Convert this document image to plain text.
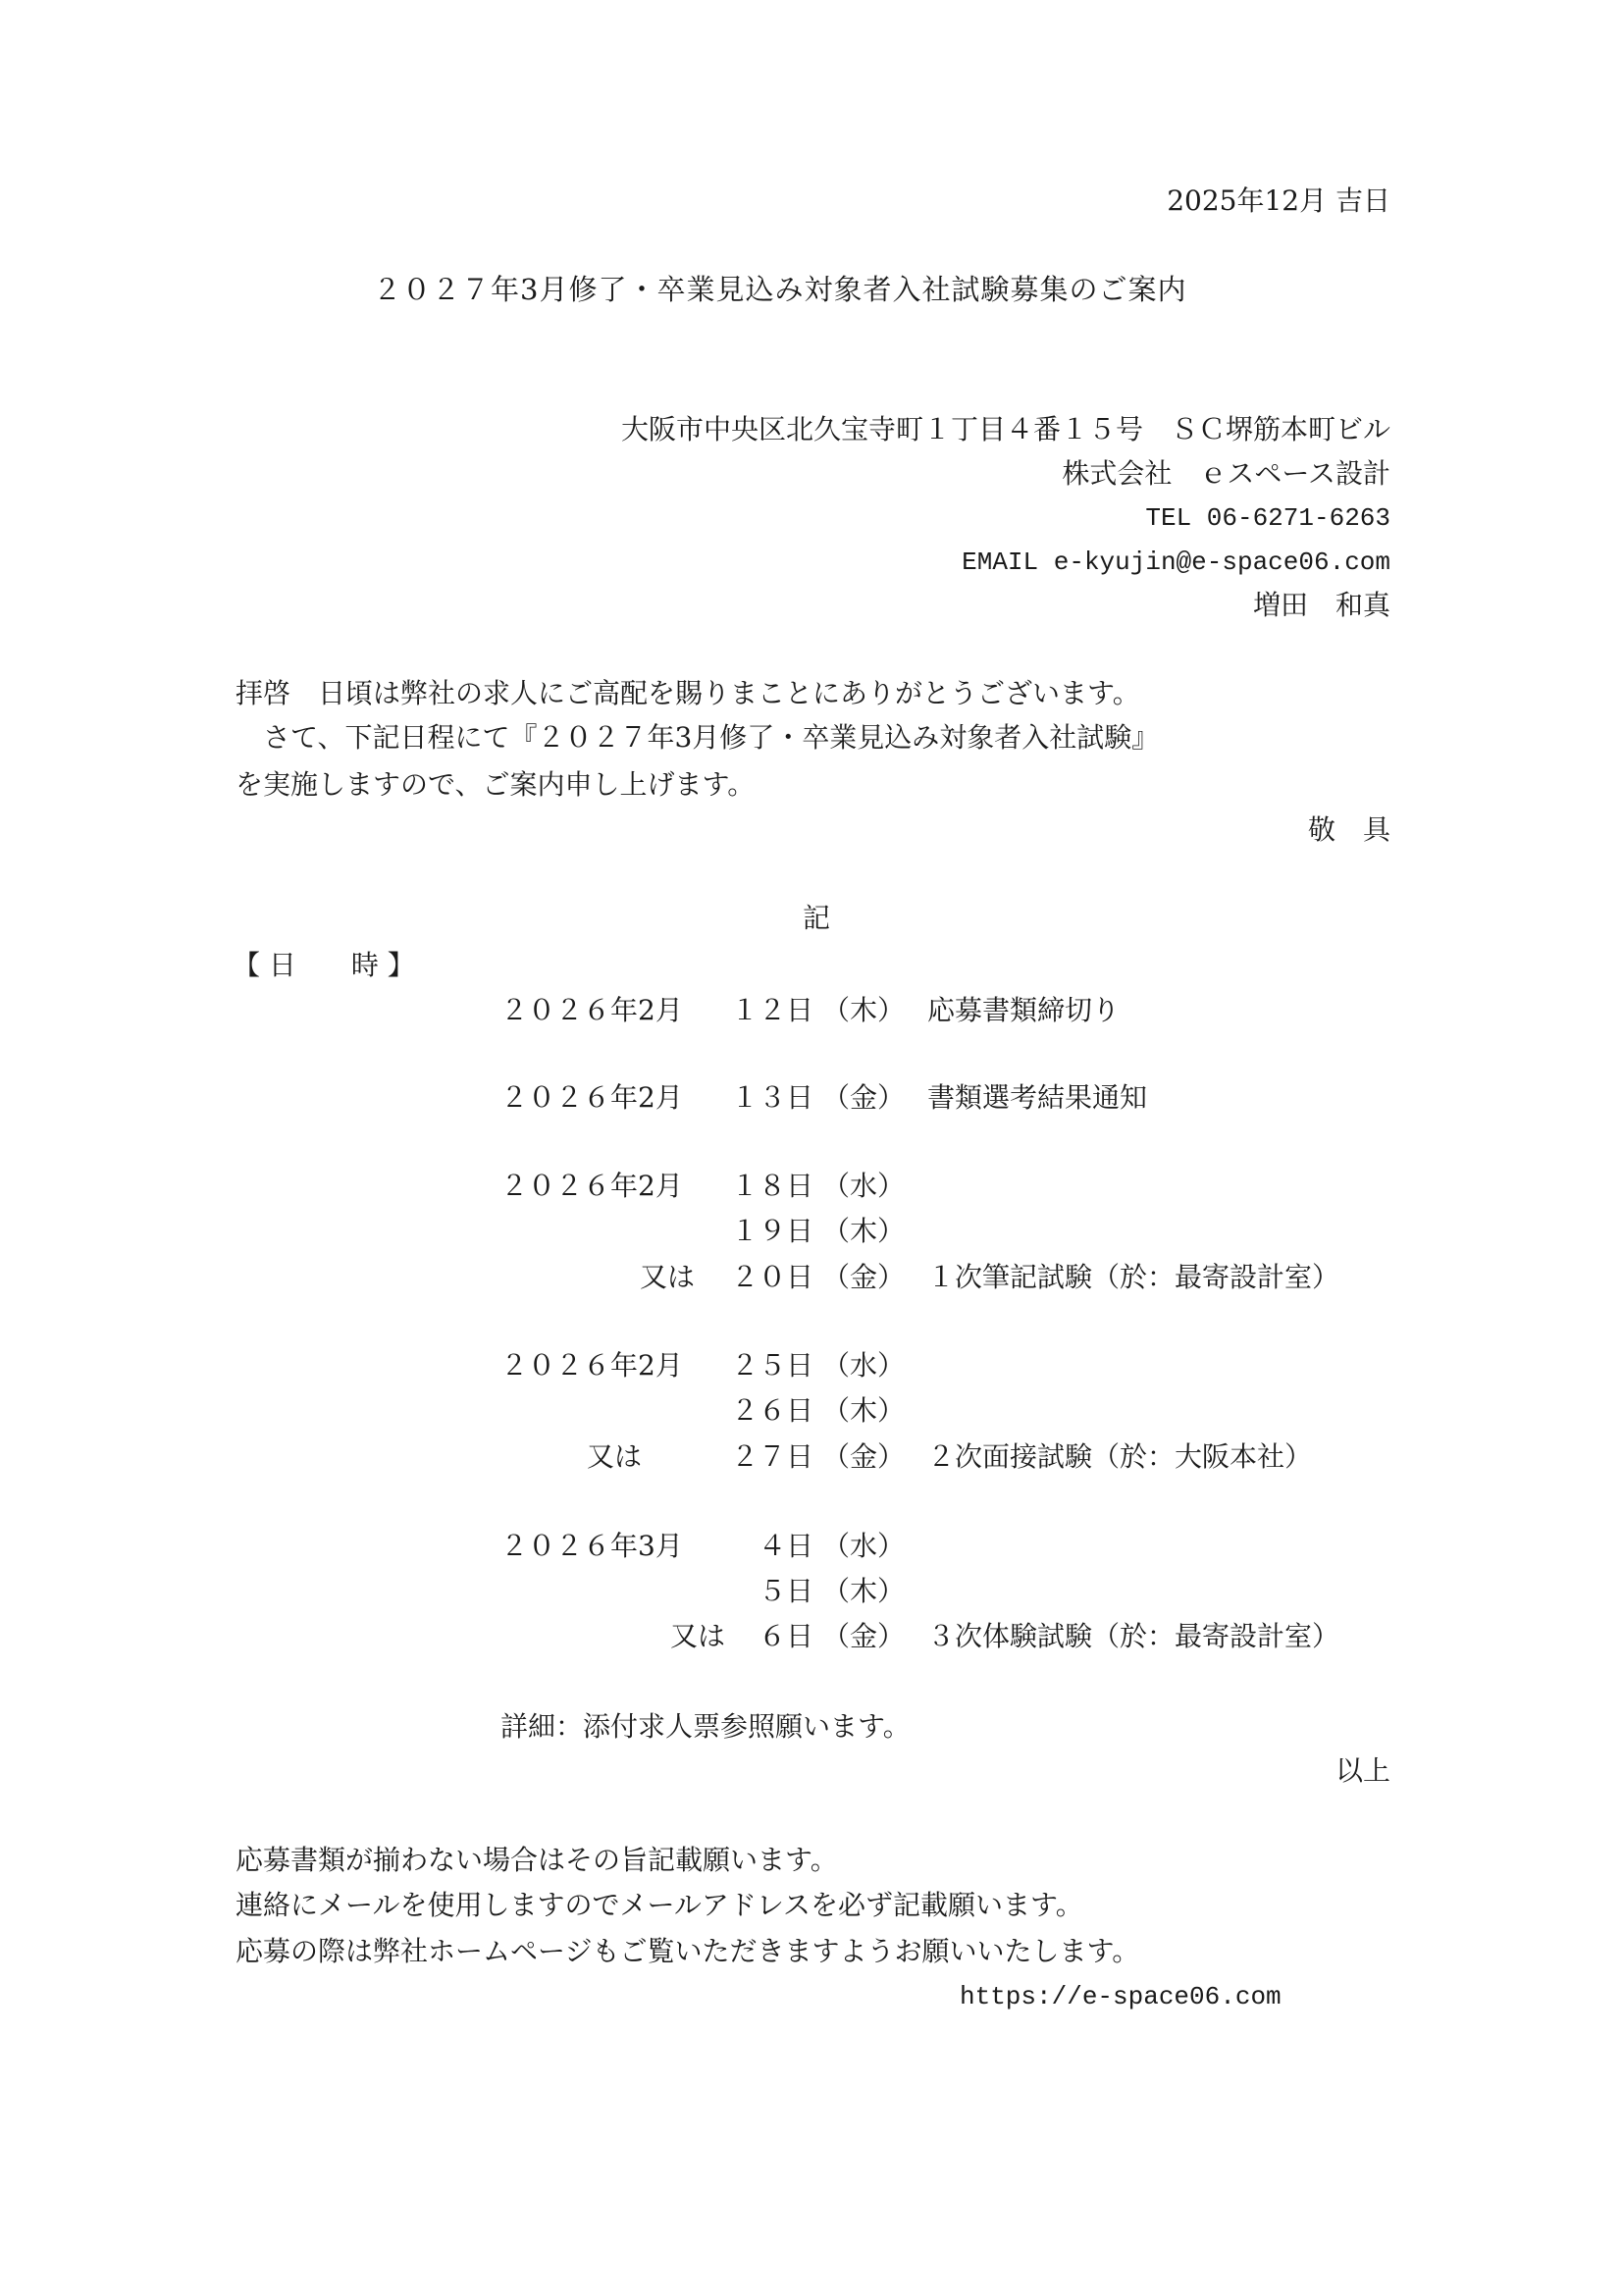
2025年12月 吉日
２０２７年3月修了・卒業見込み対象者入社試験募集のご案内
大阪市中央区北久宝寺町１丁目４番１５号　ＳＣ堺筋本町ビル
株式会社　ｅスペース設計
TEL 06-6271-6263
EMAIL e-kyujin@e-space06.com
増田　和真
拝啓　日頃は弊社の求人にご高配を賜りまことにありがとうございます。
　さて、下記日程にて『２０２７年3月修了・卒業見込み対象者入社試験』
を実施しますので、ご案内申し上げます。
敬　具
記
【 日　　時 】
２０２６年2月 １２日 （木） 応募書類締切り
２０２６年2月 １３日 （金） 書類選考結果通知
２０２６年2月 １８日 （水）
１９日 （木）
又は ２０日 （金） １次筆記試験（於：最寄設計室）
２０２６年2月 ２５日 （水）
２６日 （木）
又は	２７日 （金） ２次面接試験（於：大阪本社）
２０２６年3月	４日 （水）
５日 （木）
又は ６日 （金） ３次体験試験（於：最寄設計室）
詳細：添付求人票参照願います。
以上
応募書類が揃わない場合はその旨記載願います。
連絡にメールを使用しますのでメールアドレスを必ず記載願います。
応募の際は弊社ホームページもご覧いただきますようお願いいたします。
https://e-space06.com
